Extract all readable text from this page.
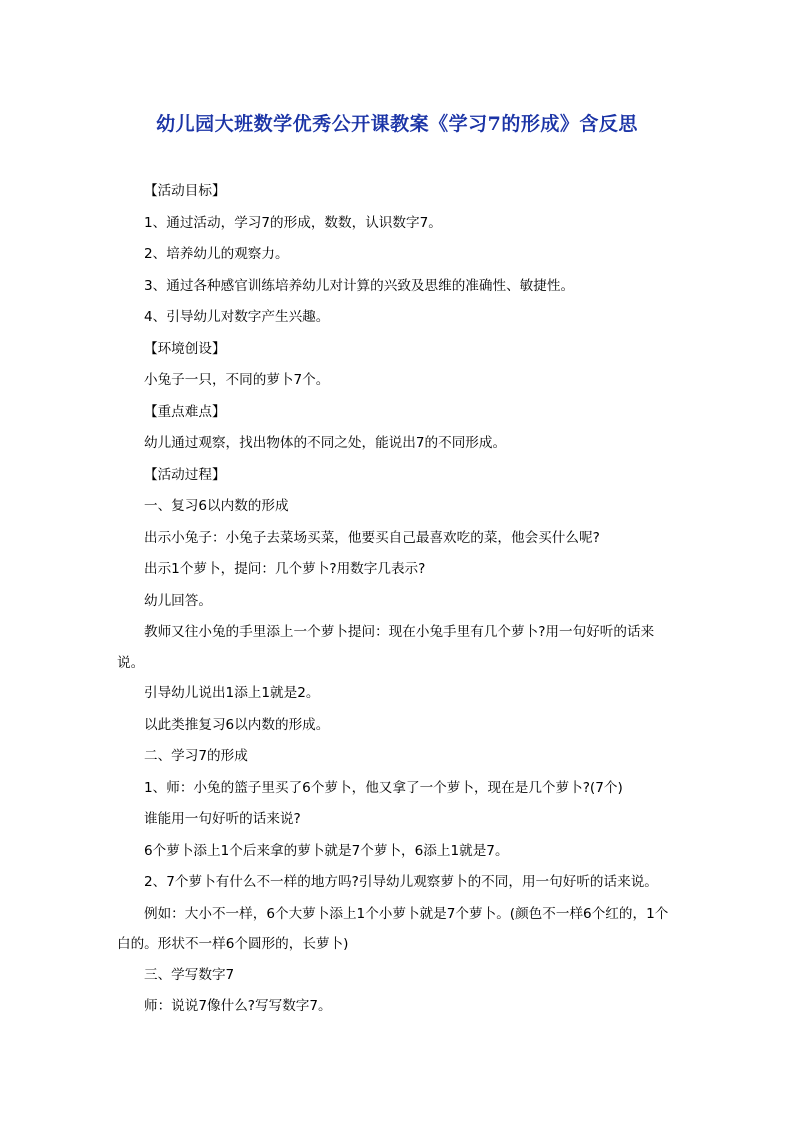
幼儿园大班数学优秀公开课教案《学习7的形成》含反思

【活动目标】

1、通过活动，学习7的形成，数数，认识数字7。

2、培养幼儿的观察力。

3、通过各种感官训练培养幼儿对计算的兴致及思维的准确性、敏捷性。

4、引导幼儿对数字产生兴趣。

【环境创设】

小兔子一只，不同的萝卜7个。

【重点难点】

幼儿通过观察，找出物体的不同之处，能说出7的不同形成。

【活动过程】

一、复习6以内数的形成

出示小兔子：小兔子去菜场买菜，他要买自己最喜欢吃的菜，他会买什么呢?

出示1个萝卜，提问：几个萝卜?用数字几表示?

幼儿回答。

教师又往小兔的手里添上一个萝卜提问：现在小兔手里有几个萝卜?用一句好听的话来说。

引导幼儿说出1添上1就是2。

以此类推复习6以内数的形成。

二、学习7的形成

1、师：小兔的篮子里买了6个萝卜，他又拿了一个萝卜，现在是几个萝卜?(7个)

谁能用一句好听的话来说?

6个萝卜添上1个后来拿的萝卜就是7个萝卜，6添上1就是7。

2、7个萝卜有什么不一样的地方吗?引导幼儿观察萝卜的不同，用一句好听的话来说。

例如：大小不一样，6个大萝卜添上1个小萝卜就是7个萝卜。(颜色不一样6个红的，1个白的。形状不一样6个圆形的，长萝卜)

三、学写数字7

师：说说7像什么?写写数字7。
